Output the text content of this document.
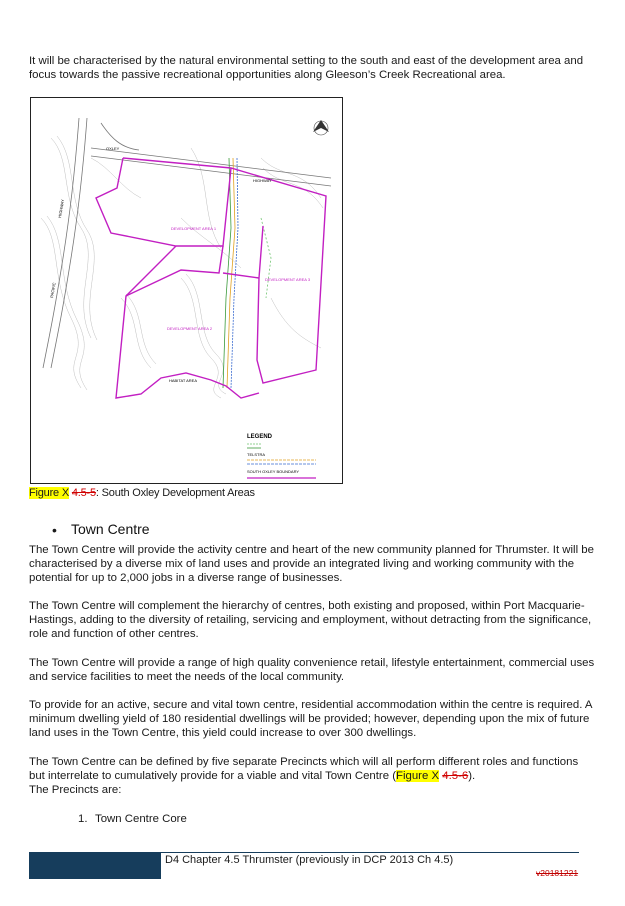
It will be characterised by the natural environmental setting to the south and east of the development area and focus towards the passive recreational opportunities along Gleeson’s Creek Recreational area.
OXLEY
HIGHWAY
DEVELOPMENT AREA 1
DEVELOPMENT AREA 2
DEVELOPMENT AREA 3
HABITAT AREA
PACIFIC
HIGHWAY
LEGEND
TELSTRA
SOUTH OXLEY BOUNDARY
Figure X 4.5-5: South Oxley Development Areas
• Town Centre
The Town Centre will provide the activity centre and heart of the new community planned for Thrumster. It will be characterised by a diverse mix of land uses and provide an integrated living and working community with the potential for up to 2,000 jobs in a diverse range of businesses.
The Town Centre will complement the hierarchy of centres, both existing and proposed, within Port Macquarie-Hastings, adding to the diversity of retailing, servicing and employment, without detracting from the significance, role and function of other centres.
The Town Centre will provide a range of high quality convenience retail, lifestyle entertainment, commercial uses and service facilities to meet the needs of the local community.
To provide for an active, secure and vital town centre, residential accommodation within the centre is required. A minimum dwelling yield of 180 residential dwellings will be provided; however, depending upon the mix of future land uses in the Town Centre, this yield could increase to over 300 dwellings.
The Town Centre can be defined by five separate Precincts which will all perform different roles and functions but interrelate to cumulatively provide for a viable and vital Town Centre (Figure X 4.5-6).
The Precincts are:
1. Town Centre Core
D4 Chapter 4.5 Thrumster (previously in DCP 2013 Ch 4.5)
v20181221
